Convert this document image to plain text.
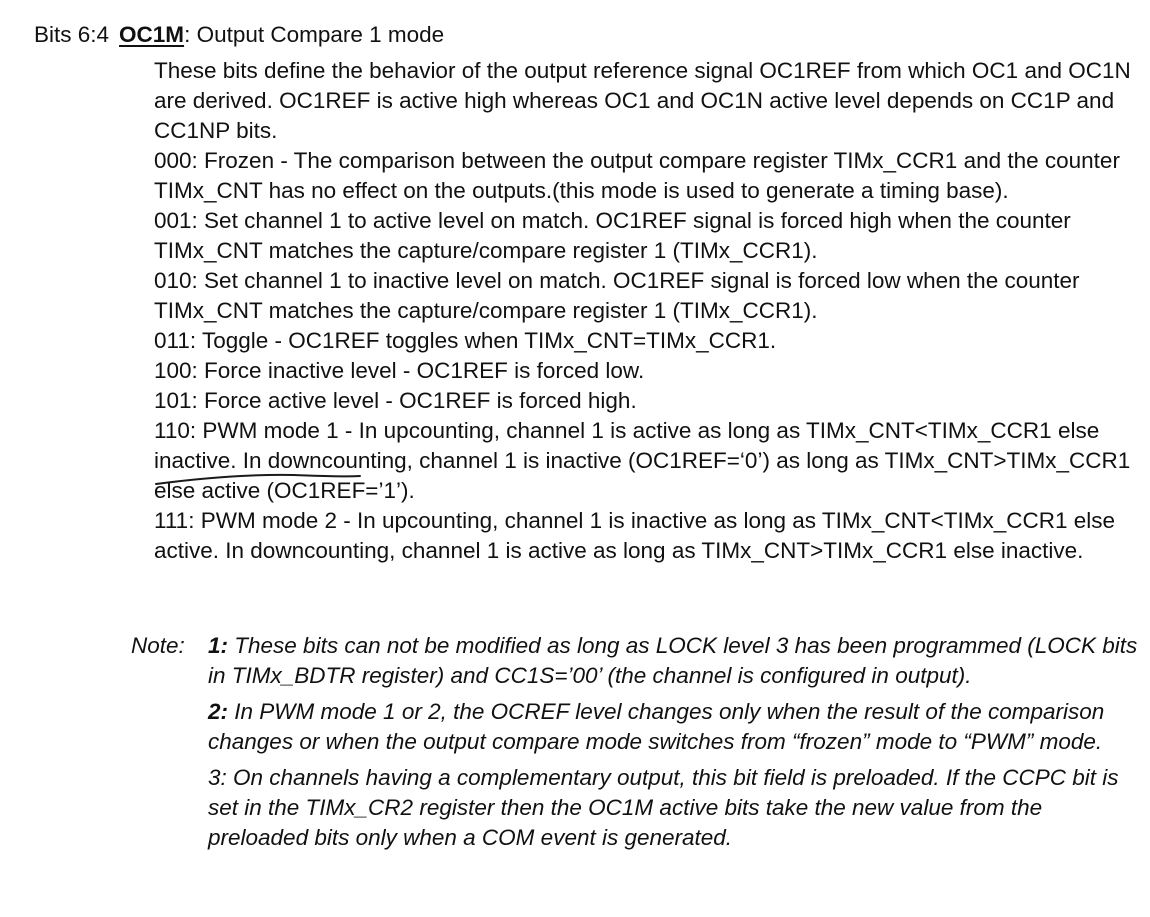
Bits 6:4 OC1M: Output Compare 1 mode

These bits define the behavior of the output reference signal OC1REF from which OC1 and OC1N are derived. OC1REF is active high whereas OC1 and OC1N active level depends on CC1P and CC1NP bits.

000: Frozen - The comparison between the output compare register TIMx_CCR1 and the counter TIMx_CNT has no effect on the outputs.(this mode is used to generate a timing base).

001: Set channel 1 to active level on match. OC1REF signal is forced high when the counter TIMx_CNT matches the capture/compare register 1 (TIMx_CCR1).

010: Set channel 1 to inactive level on match. OC1REF signal is forced low when the counter TIMx_CNT matches the capture/compare register 1 (TIMx_CCR1).

011: Toggle - OC1REF toggles when TIMx_CNT=TIMx_CCR1.

100: Force inactive level - OC1REF is forced low.

101: Force active level - OC1REF is forced high.

110: PWM mode 1 - In upcounting, channel 1 is active as long as TIMx_CNT<TIMx_CCR1 else inactive. In downcounting, channel 1 is inactive (OC1REF=‘0’) as long as TIMx_CNT>TIMx_CCR1 else active (OC1REF=’1’).

111: PWM mode 2 - In upcounting, channel 1 is inactive as long as TIMx_CNT<TIMx_CCR1 else active. In downcounting, channel 1 is active as long as TIMx_CNT>TIMx_CCR1 else inactive.

Note: 1: These bits can not be modified as long as LOCK level 3 has been programmed (LOCK bits in TIMx_BDTR register) and CC1S=’00’ (the channel is configured in output).

2: In PWM mode 1 or 2, the OCREF level changes only when the result of the comparison changes or when the output compare mode switches from “frozen” mode to “PWM” mode.

3: On channels having a complementary output, this bit field is preloaded. If the CCPC bit is set in the TIMx_CR2 register then the OC1M active bits take the new value from the preloaded bits only when a COM event is generated.
